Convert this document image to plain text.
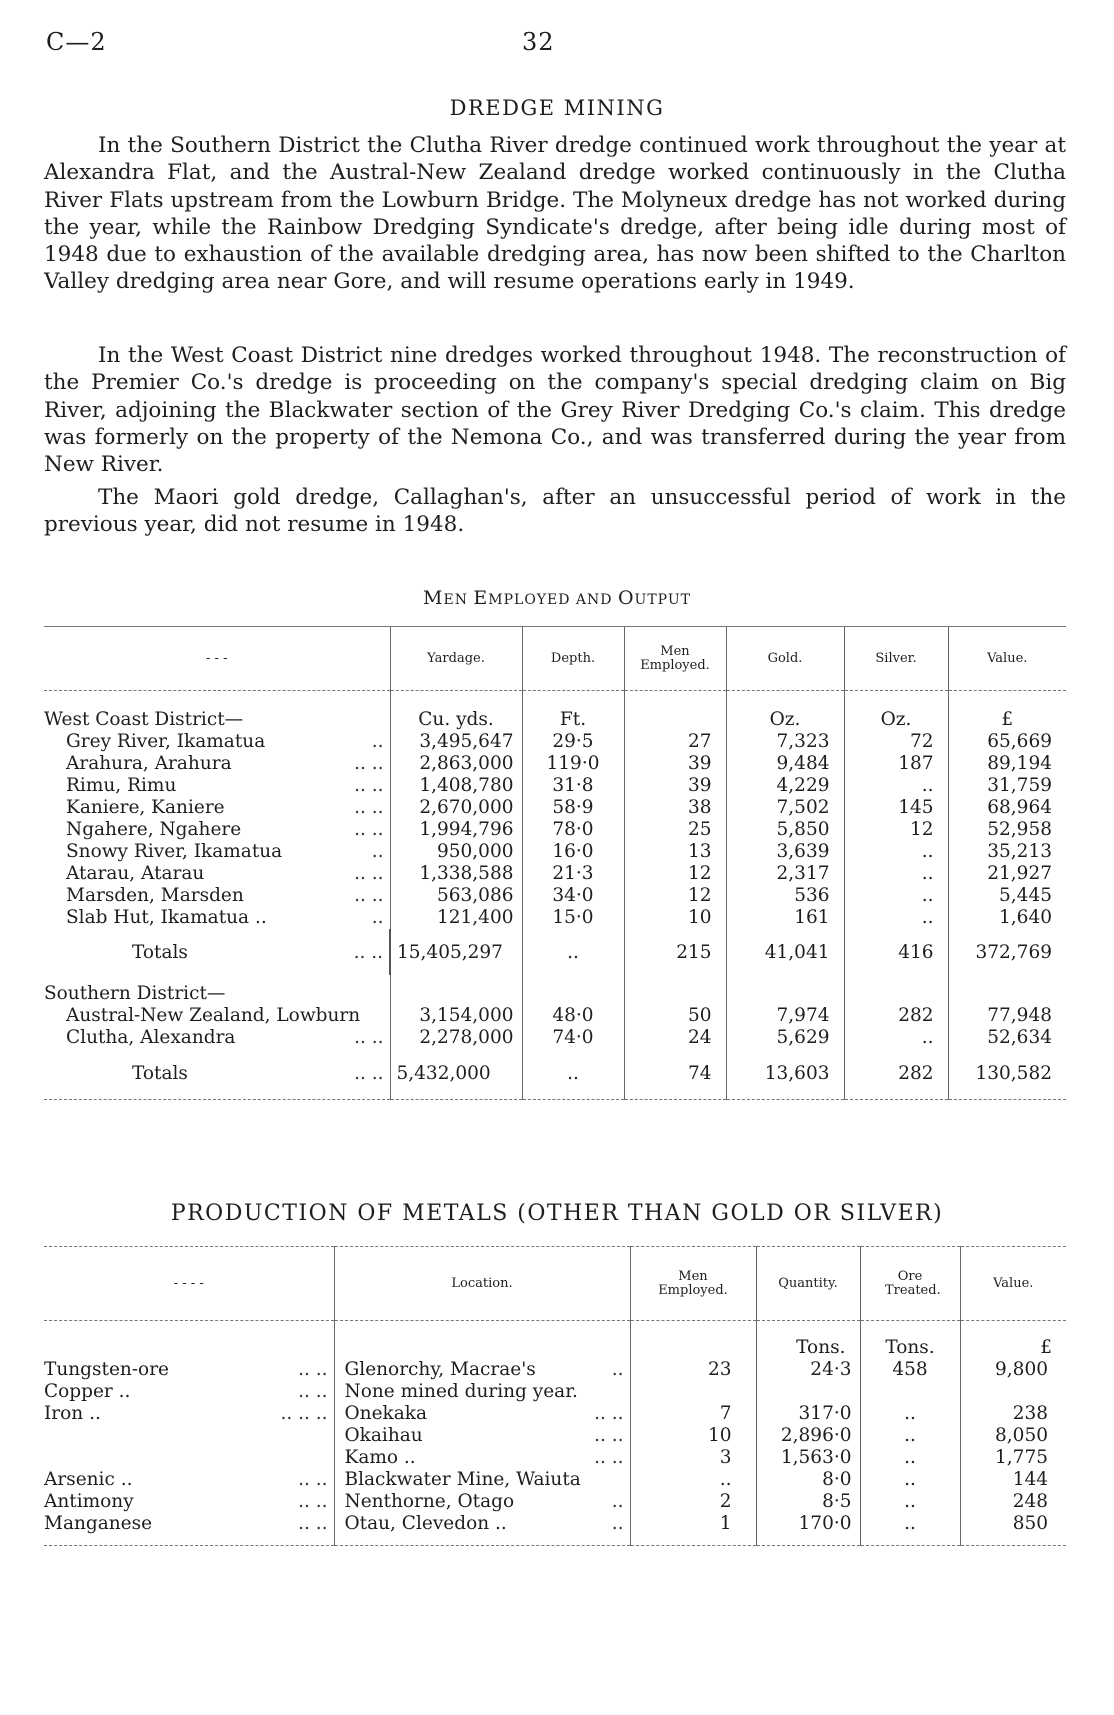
C—2	32
DREDGE MINING

In the Southern District the Clutha River dredge continued work throughout the year at Alexandra Flat, and the Austral-New Zealand dredge worked continuously in the Clutha River Flats upstream from the Lowburn Bridge. The Molyneux dredge has not worked during the year, while the Rainbow Dredging Syndicate's dredge, after being idle during most of 1948 due to exhaustion of the available dredging area, has now been shifted to the Charlton Valley dredging area near Gore, and will resume operations early in 1949.

In the West Coast District nine dredges worked throughout 1948. The reconstruction of the Premier Co.'s dredge is proceeding on the company's special dredging claim on Big River, adjoining the Blackwater section of the Grey River Dredging Co.'s claim. This dredge was formerly on the property of the Nemona Co., and was transferred during the year from New River.

The Maori gold dredge, Callaghan's, after an unsuccessful period of work in the previous year, did not resume in 1948.

MEN EMPLOYED AND OUTPUT
- - -	Yardage.	Depth.	Men Employed.	Gold.	Silver.	Value.
West Coast District—	Cu. yds.	Ft.		Oz.	Oz.	£
Grey River, Ikamatua ..	3,495,647	29·5	27	7,323	72	65,669
Arahura, Arahura .. ..	2,863,000	119·0	39	9,484	187	89,194
Rimu, Rimu .. ..	1,408,780	31·8	39	4,229	..	31,759
Kaniere, Kaniere .. ..	2,670,000	58·9	38	7,502	145	68,964
Ngahere, Ngahere .. ..	1,994,796	78·0	25	5,850	12	52,958
Snowy River, Ikamatua ..	950,000	16·0	13	3,639	..	35,213
Atarau, Atarau .. ..	1,338,588	21·3	12	2,317	..	21,927
Marsden, Marsden .. ..	563,086	34·0	12	536	..	5,445
Slab Hut, Ikamatua .. ..	121,400	15·0	10	161	..	1,640
Totals .. ..	15,405,297	..	215	41,041	416	372,769
Southern District—						
Austral-New Zealand, Lowburn	3,154,000	48·0	50	7,974	282	77,948
Clutha, Alexandra .. ..	2,278,000	74·0	24	5,629	..	52,634
Totals .. ..	5,432,000	..	74	13,603	282	130,582

PRODUCTION OF METALS (OTHER THAN GOLD OR SILVER)
- - - -	Location.	Men Employed.	Quantity.	Ore Treated.	Value.
			Tons.	Tons.	£
Tungsten-ore .. ..	Glenorchy, Macrae's ..	23	24·3	458	9,800
Copper .. .. ..	None mined during year.

Iron .. .. .. ..	Onekaka .. ..	7	317·0	..	238

	Okaihau .. ..	10	2,896·0	..	8,050

	Kamo .. .. ..	3	1,563·0	..	1,775
Arsenic .. .. ..	Blackwater Mine, Waiuta	..	8·0	..	144
Antimony .. ..	Nenthorne, Otago ..	2	8·5	..	248
Manganese .. ..	Otau, Clevedon .. ..	1	170·0	..	850
